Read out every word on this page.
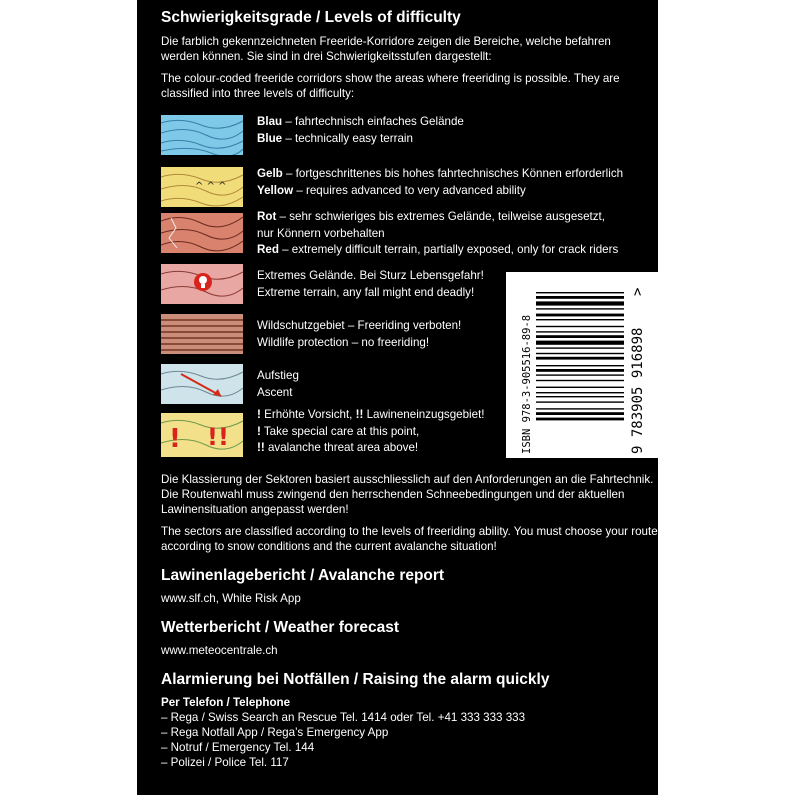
Schwierigkeitsgrade / Levels of difficulty
Die farblich gekennzeichneten Freeride-Korridore zeigen die Bereiche, welche befahren
werden können. Sie sind in drei Schwierigkeitsstufen dargestellt:
The colour-coded freeride corridors show the areas where freeriding is possible. They are
classified into three levels of difficulty:
^ ^ ^
! !!
Blau – fahrtechnisch einfaches Gelände
Blue – technically easy terrain
Gelb – fortgeschrittenes bis hohes fahrtechnisches Können erforderlich
Yellow – requires advanced to very advanced ability
Rot – sehr schwieriges bis extremes Gelände, teilweise ausgesetzt,
nur Könnern vorbehalten
Red – extremely difficult terrain, partially exposed, only for crack riders
Extremes Gelände. Bei Sturz Lebensgefahr!
Extreme terrain, any fall might end deadly!
Wildschutzgebiet – Freeriding verboten!
Wildlife protection – no freeriding!
Aufstieg
Ascent
! Erhöhte Vorsicht, !! Lawineneinzugsgebiet!
! Take special care at this point,
!! avalanche threat area above!
Die Klassierung der Sektoren basiert ausschliesslich auf den Anforderungen an die Fahrtechnik.
Die Routenwahl muss zwingend den herrschenden Schneebedingungen und der aktuellen
Lawinensituation angepasst werden!
The sectors are classified according to the levels of freeriding ability. You must choose your route
according to snow conditions and the current avalanche situation!
Lawinenlagebericht / Avalanche report
www.slf.ch, White Risk App
Wetterbericht / Weather forecast
www.meteocentrale.ch
Alarmierung bei Notfällen / Raising the alarm quickly
Per Telefon / Telephone
– Rega / Swiss Search an Rescue Tel. 1414 oder Tel. +41 333 333 333
– Rega Notfall App / Rega’s Emergency App
– Notruf / Emergency Tel. 144
– Polizei / Police Tel. 117
ISBN 978-3-905516-89-8	9 783905 916898
>
